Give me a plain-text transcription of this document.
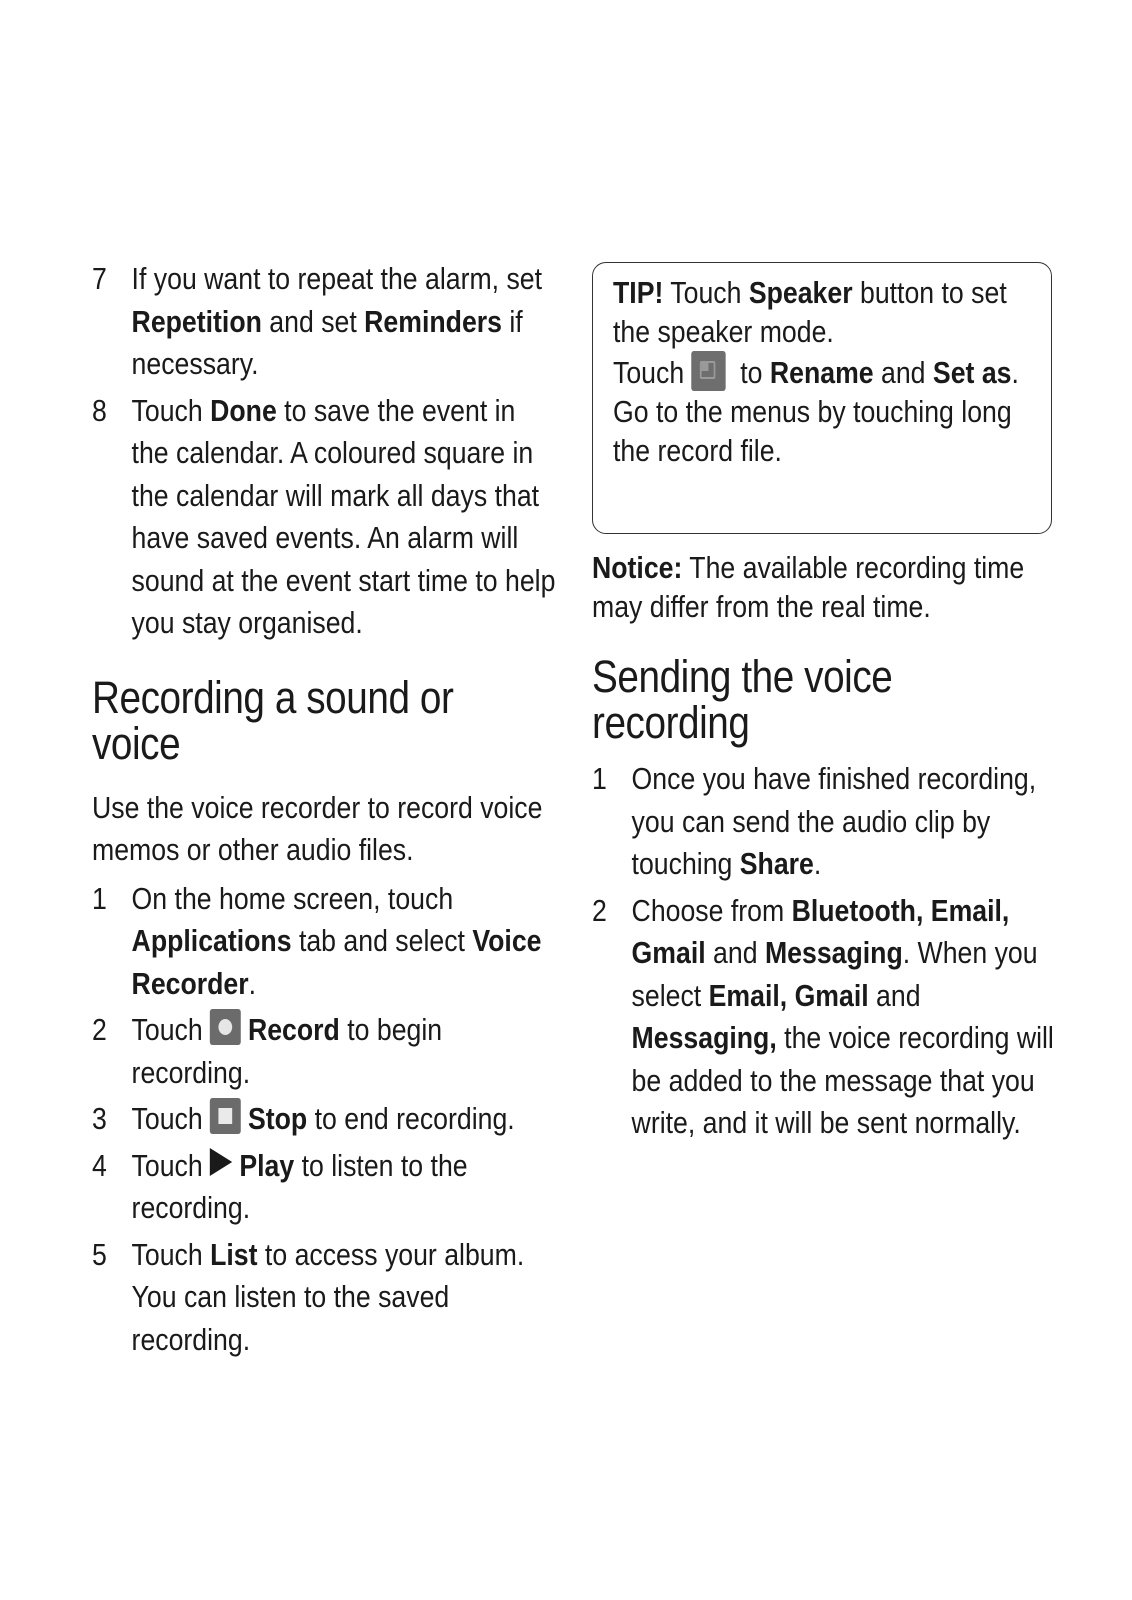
7 If you want to repeat the alarm, set Repetition and set Reminders if necessary.
8 Touch Done to save the event in the calendar. A coloured square in the calendar will mark all days that have saved events. An alarm will sound at the event start time to help you stay organised.
Recording a sound or voice
Use the voice recorder to record voice memos or other audio files.
1 On the home screen, touch Applications tab and select Voice Recorder.
2 Touch Record to begin recording.
3 Touch Stop to end recording.
4 Touch Play to listen to the recording.
5 Touch List to access your album. You can listen to the saved recording.
TIP! Touch Speaker button to set the speaker mode.
Touch  to Rename and Set as.
Go to the menus by touching long the record file.
Notice: The available recording time may differ from the real time.
Sending the voice recording
1 Once you have finished recording, you can send the audio clip by touching Share.
2 Choose from Bluetooth, Email, Gmail and Messaging. When you select Email, Gmail and Messaging, the voice recording will be added to the message that you write, and it will be sent normally.
